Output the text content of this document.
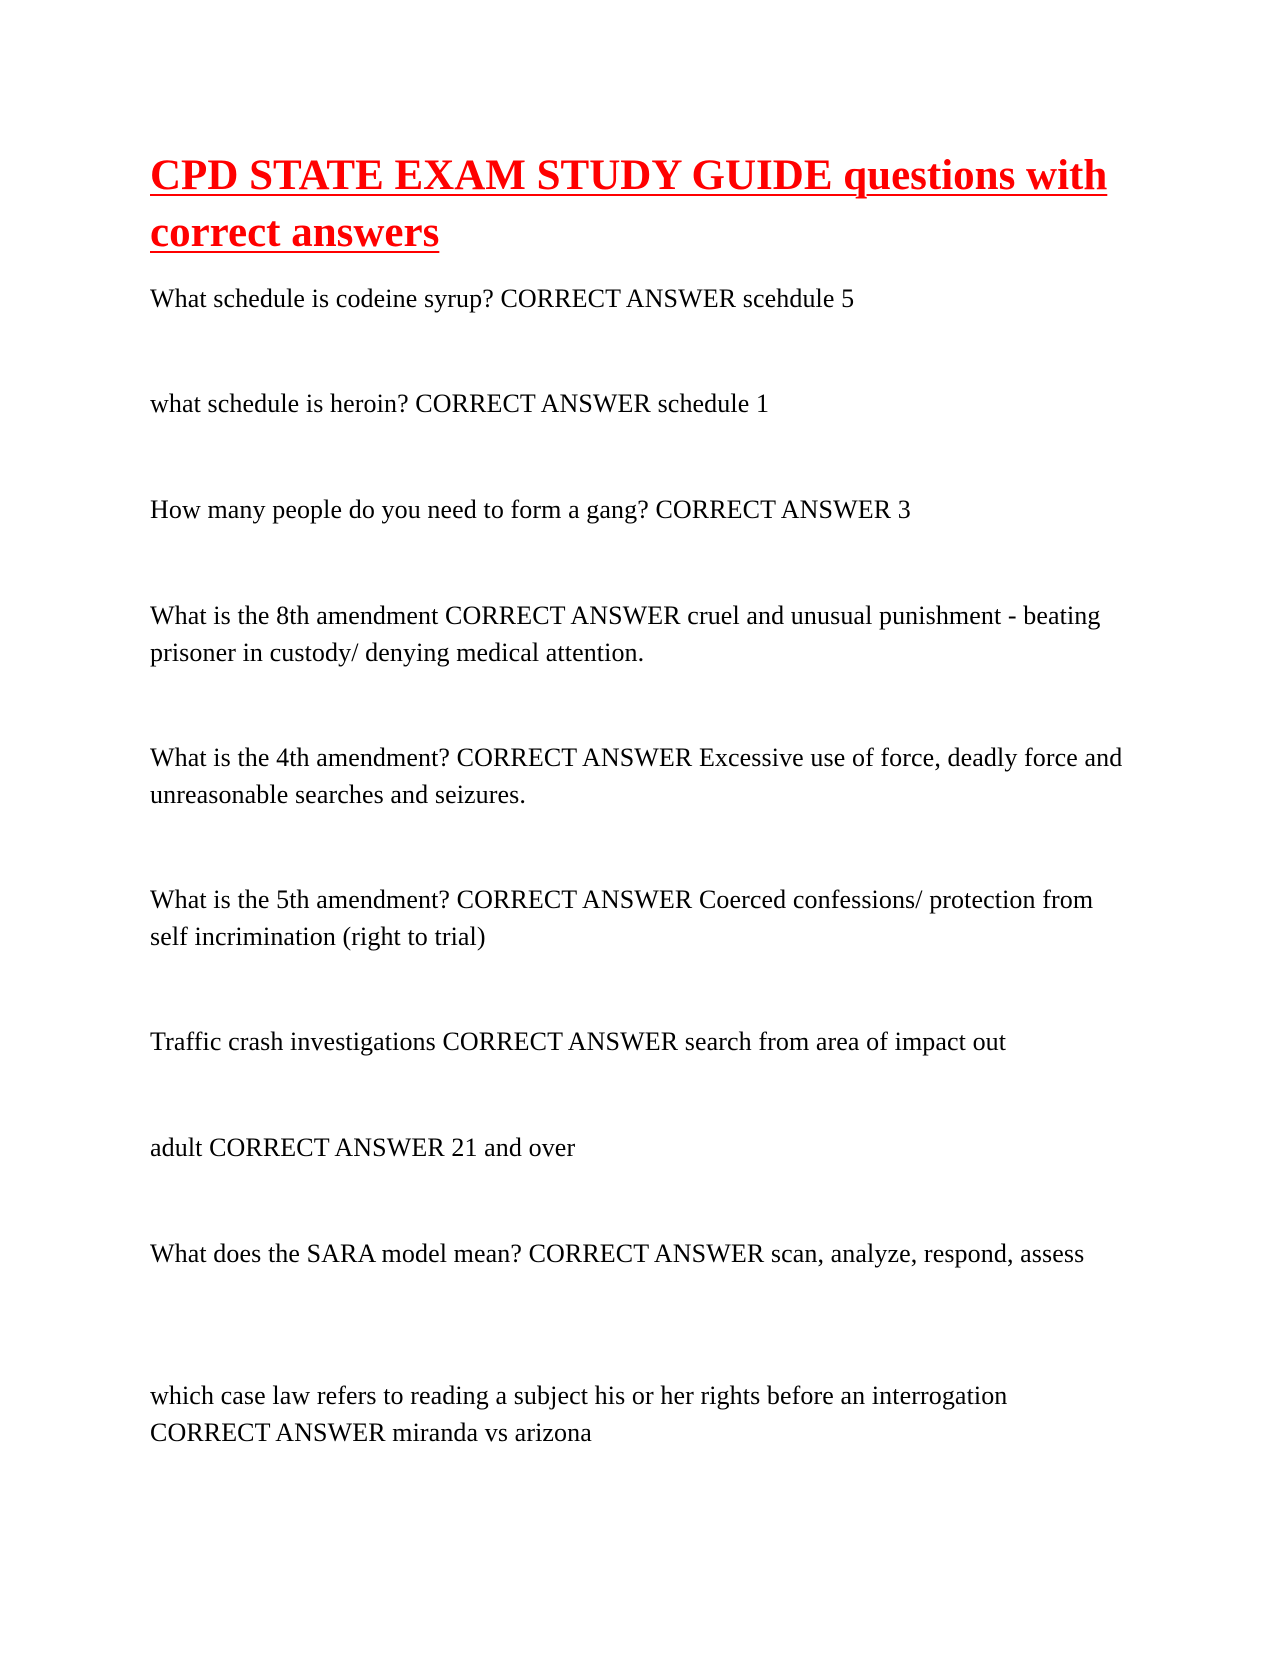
CPD STATE EXAM STUDY GUIDE questions with correct answers

What schedule is codeine syrup? CORRECT ANSWER scehdule 5

what schedule is heroin? CORRECT ANSWER schedule 1

How many people do you need to form a gang? CORRECT ANSWER 3

What is the 8th amendment CORRECT ANSWER cruel and unusual punishment - beating prisoner in custody/ denying medical attention.

What is the 4th amendment? CORRECT ANSWER Excessive use of force, deadly force and unreasonable searches and seizures.

What is the 5th amendment? CORRECT ANSWER Coerced confessions/ protection from self incrimination (right to trial)

Traffic crash investigations CORRECT ANSWER search from area of impact out

adult CORRECT ANSWER 21 and over

What does the SARA model mean? CORRECT ANSWER scan, analyze, respond, assess

which case law refers to reading a subject his or her rights before an interrogation CORRECT ANSWER miranda vs arizona
